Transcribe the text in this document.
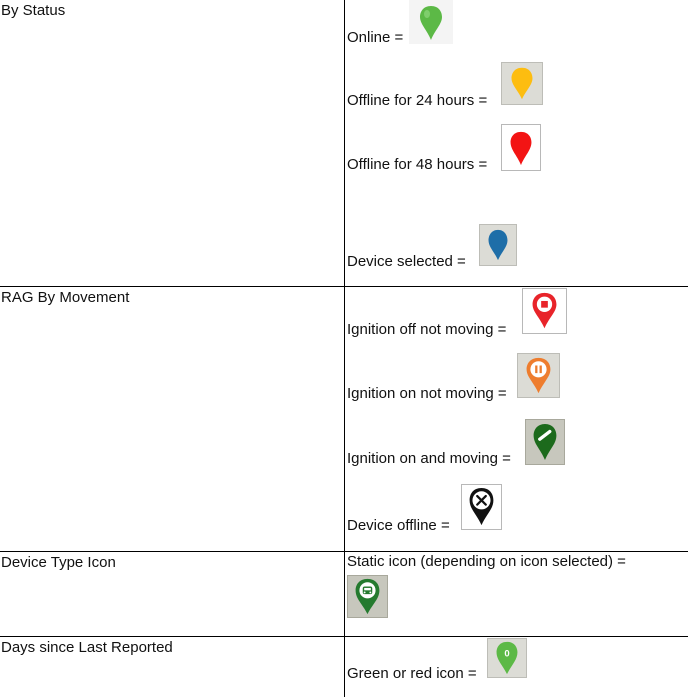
By Status
Online =
Offline for 24 hours =
Offline for 48 hours =
Device selected =
RAG By Movement
Ignition off not moving =
Ignition on not moving =
Ignition on and moving =
Device offline =
Device Type Icon	Static icon (depending on icon selected) =
Days since Last Reported
Green or red icon =
0
